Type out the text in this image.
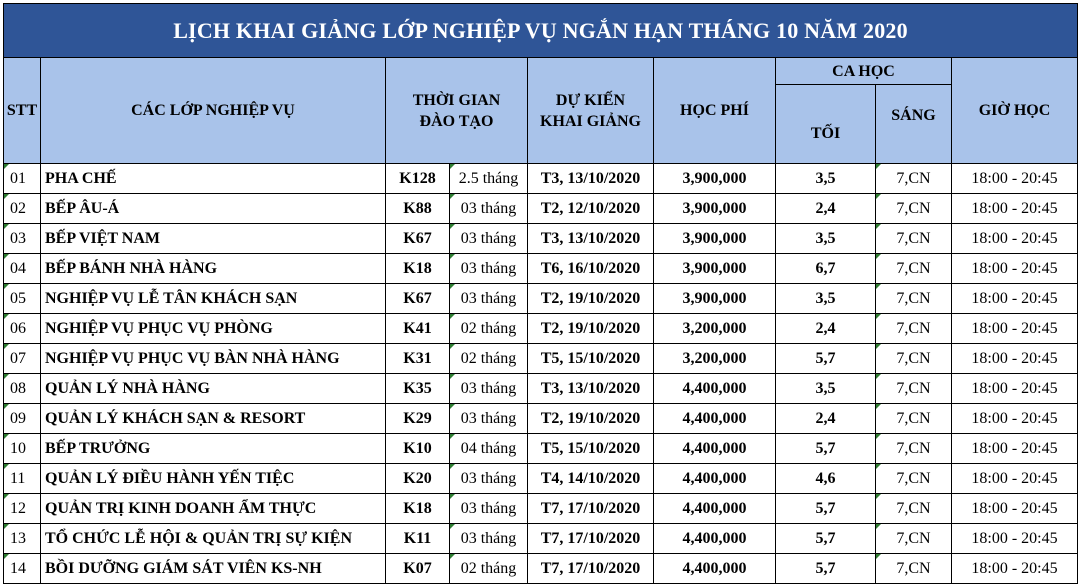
LỊCH KHAI GIẢNG LỚP NGHIỆP VỤ NGẮN HẠN THÁNG 10 NĂM 2020								
STT	CÁC LỚP NGHIỆP VỤ	THỜI GIAN
ĐÀO TẠO		DỰ KIẾN
KHAI GIẢNG	HỌC PHÍ	CA HỌC		GIỜ HỌC
						TỐI	SÁNG	

01	PHA CHẾ	K128	2.5 tháng	T3, 13/10/2020	3,900,000	3,5	7,CN	18:00 - 20:45

02	BẾP ÂU-Á	K88	03 tháng	T2, 12/10/2020	3,900,000	2,4	7,CN	18:00 - 20:45

03	BẾP VIỆT NAM	K67	03 tháng	T3, 13/10/2020	3,900,000	3,5	7,CN	18:00 - 20:45

04	BẾP BÁNH NHÀ HÀNG	K18	03 tháng	T6, 16/10/2020	3,900,000	6,7	7,CN	18:00 - 20:45

05	NGHIỆP VỤ LỄ TÂN KHÁCH SẠN	K67	03 tháng	T2, 19/10/2020	3,900,000	3,5	7,CN	18:00 - 20:45

06	NGHIỆP VỤ PHỤC VỤ PHÒNG	K41	02 tháng	T2, 19/10/2020	3,200,000	2,4	7,CN	18:00 - 20:45

07	NGHIỆP VỤ PHỤC VỤ BÀN NHÀ HÀNG	K31	02 tháng	T5, 15/10/2020	3,200,000	5,7	7,CN	18:00 - 20:45

08	QUẢN LÝ NHÀ HÀNG	K35	03 tháng	T3, 13/10/2020	4,400,000	3,5	7,CN	18:00 - 20:45

09	QUẢN LÝ KHÁCH SẠN & RESORT	K29	03 tháng	T2, 19/10/2020	4,400,000	2,4	7,CN	18:00 - 20:45

10	BẾP TRƯỞNG	K10	04 tháng	T5, 15/10/2020	4,400,000	5,7	7,CN	18:00 - 20:45

11	QUẢN LÝ ĐIỀU HÀNH YẾN TIỆC	K20	03 tháng	T4, 14/10/2020	4,400,000	4,6	7,CN	18:00 - 20:45

12	QUẢN TRỊ KINH DOANH ẨM THỰC	K18	03 tháng	T7, 17/10/2020	4,400,000	5,7	7,CN	18:00 - 20:45

13	TỔ CHỨC LỄ HỘI & QUẢN TRỊ SỰ KIỆN	K11	03 tháng	T7, 17/10/2020	4,400,000	5,7	7,CN	18:00 - 20:45

14	BỒI DƯỠNG GIÁM SÁT VIÊN KS-NH	K07	02 tháng	T7, 17/10/2020	4,400,000	5,7	7,CN	18:00 - 20:45
